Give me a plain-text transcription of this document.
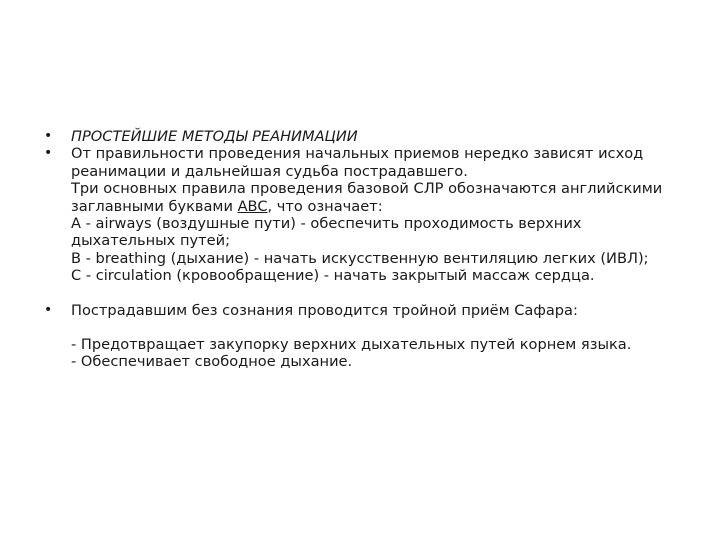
• ПРОСТЕЙШИЕ МЕТОДЫ РЕАНИМАЦИИ
• От правильности проведения начальных приемов нередко зависят исход
реанимации и дальнейшая судьба пострадавшего.
Три основных правила проведения базовой СЛР обозначаются английскими
заглавными буквами ABC, что означает:
A - airways (воздушные пути) - обеспечить проходимость верхних
дыхательных путей;
B - breathing (дыхание) - начать искусственную вентиляцию легких (ИВЛ);
C - circulation (кровообращение) - начать закрытый массаж сердца.
• Пострадавшим без сознания проводится тройной приём Сафара:
- Предотвращает закупорку верхних дыхательных путей корнем языка.
- Обеспечивает свободное дыхание.
